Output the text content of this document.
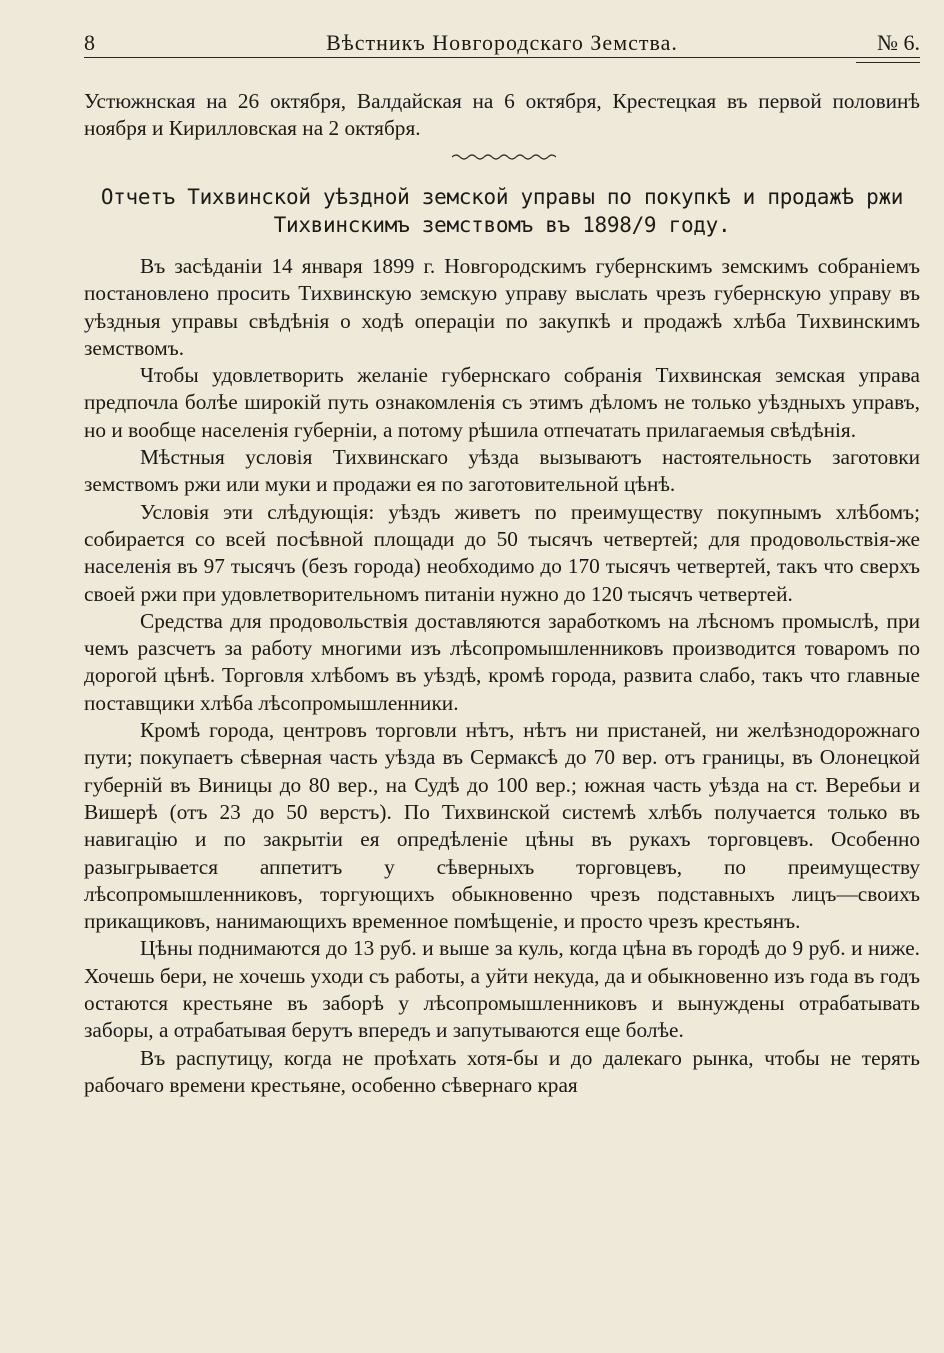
8	Вѣстникъ Новгородскаго Земства.	№ 6.

Устюжнская на 26 октября, Валдайская на 6 октября, Крестецкая въ первой половинѣ ноября и Кирилловская на 2 октября.

Отчетъ Тихвинской уѣздной земской управы по покупкѣ и продажѣ ржи
Тихвинскимъ земствомъ въ 1898/9 году.

Въ засѣданiи 14 января 1899 г. Новгородскимъ губернскимъ земскимъ собранiемъ постановлено просить Тихвинскую земскую управу выслать чрезъ губернскую управу въ уѣздныя управы свѣдѣнiя о ходѣ операцiи по закупкѣ и продажѣ хлѣба Тихвинскимъ земствомъ.

Чтобы удовлетворить желанiе губернскаго собранiя Тихвинская земская управа предпочла болѣе широкiй путь ознакомленiя съ этимъ дѣломъ не только уѣздныхъ управъ, но и вообще населенiя губернiи, а потому рѣшила отпечатать прилагаемыя свѣдѣнiя.

Мѣстныя условiя Тихвинскаго уѣзда вызываютъ настоятельность заготовки земствомъ ржи или муки и продажи ея по заготовительной цѣнѣ.

Условiя эти слѣдующiя: уѣздъ живетъ по преимуществу покупнымъ хлѣбомъ; собирается со всей посѣвной площади до 50 тысячъ четвертей; для продовольствiя-же населенiя въ 97 тысячъ (безъ города) необходимо до 170 тысячъ четвертей, такъ что сверхъ своей ржи при удовлетворительномъ питанiи нужно до 120 тысячъ четвертей.

Средства для продовольствiя доставляются заработкомъ на лѣсномъ промыслѣ, при чемъ разсчетъ за работу многими изъ лѣсопромышленниковъ производится товаромъ по дорогой цѣнѣ. Торговля хлѣбомъ въ уѣздѣ, кромѣ города, развита слабо, такъ что главные поставщики хлѣба лѣсопромышленники.

Кромѣ города, центровъ торговли нѣтъ, нѣтъ ни пристаней, ни желѣзнодорожнаго пути; покупаетъ сѣверная часть уѣзда въ Сермаксѣ до 70 вер. отъ границы, въ Олонецкой губернiй въ Виницы до 80 вер., на Судѣ до 100 вер.; южная часть уѣзда на ст. Веребьи и Вишерѣ (отъ 23 до 50 верстъ). По Тихвинской системѣ хлѣбъ получается только въ навигацiю и по закрытiи ея опредѣленiе цѣны въ рукахъ торговцевъ. Особенно разыгрывается аппетитъ у сѣверныхъ торговцевъ, по преимуществу лѣсопромышленниковъ, торгующихъ обыкновенно чрезъ подставныхъ лицъ—своихъ прикащиковъ, нанимающихъ временное помѣщенiе, и просто чрезъ крестьянъ.

Цѣны поднимаются до 13 руб. и выше за куль, когда цѣна въ городѣ до 9 руб. и ниже. Хочешь бери, не хочешь уходи съ работы, а уйти некуда, да и обыкновенно изъ года въ годъ остаются крестьяне въ заборѣ у лѣсопромышленниковъ и вынуждены отрабатывать заборы, а отрабатывая берутъ впередъ и запутываются еще болѣе.

Въ распутицу, когда не проѣхать хотя-бы и до далекаго рынка, чтобы не терять рабочаго времени крестьяне, особенно сѣвернаго края
